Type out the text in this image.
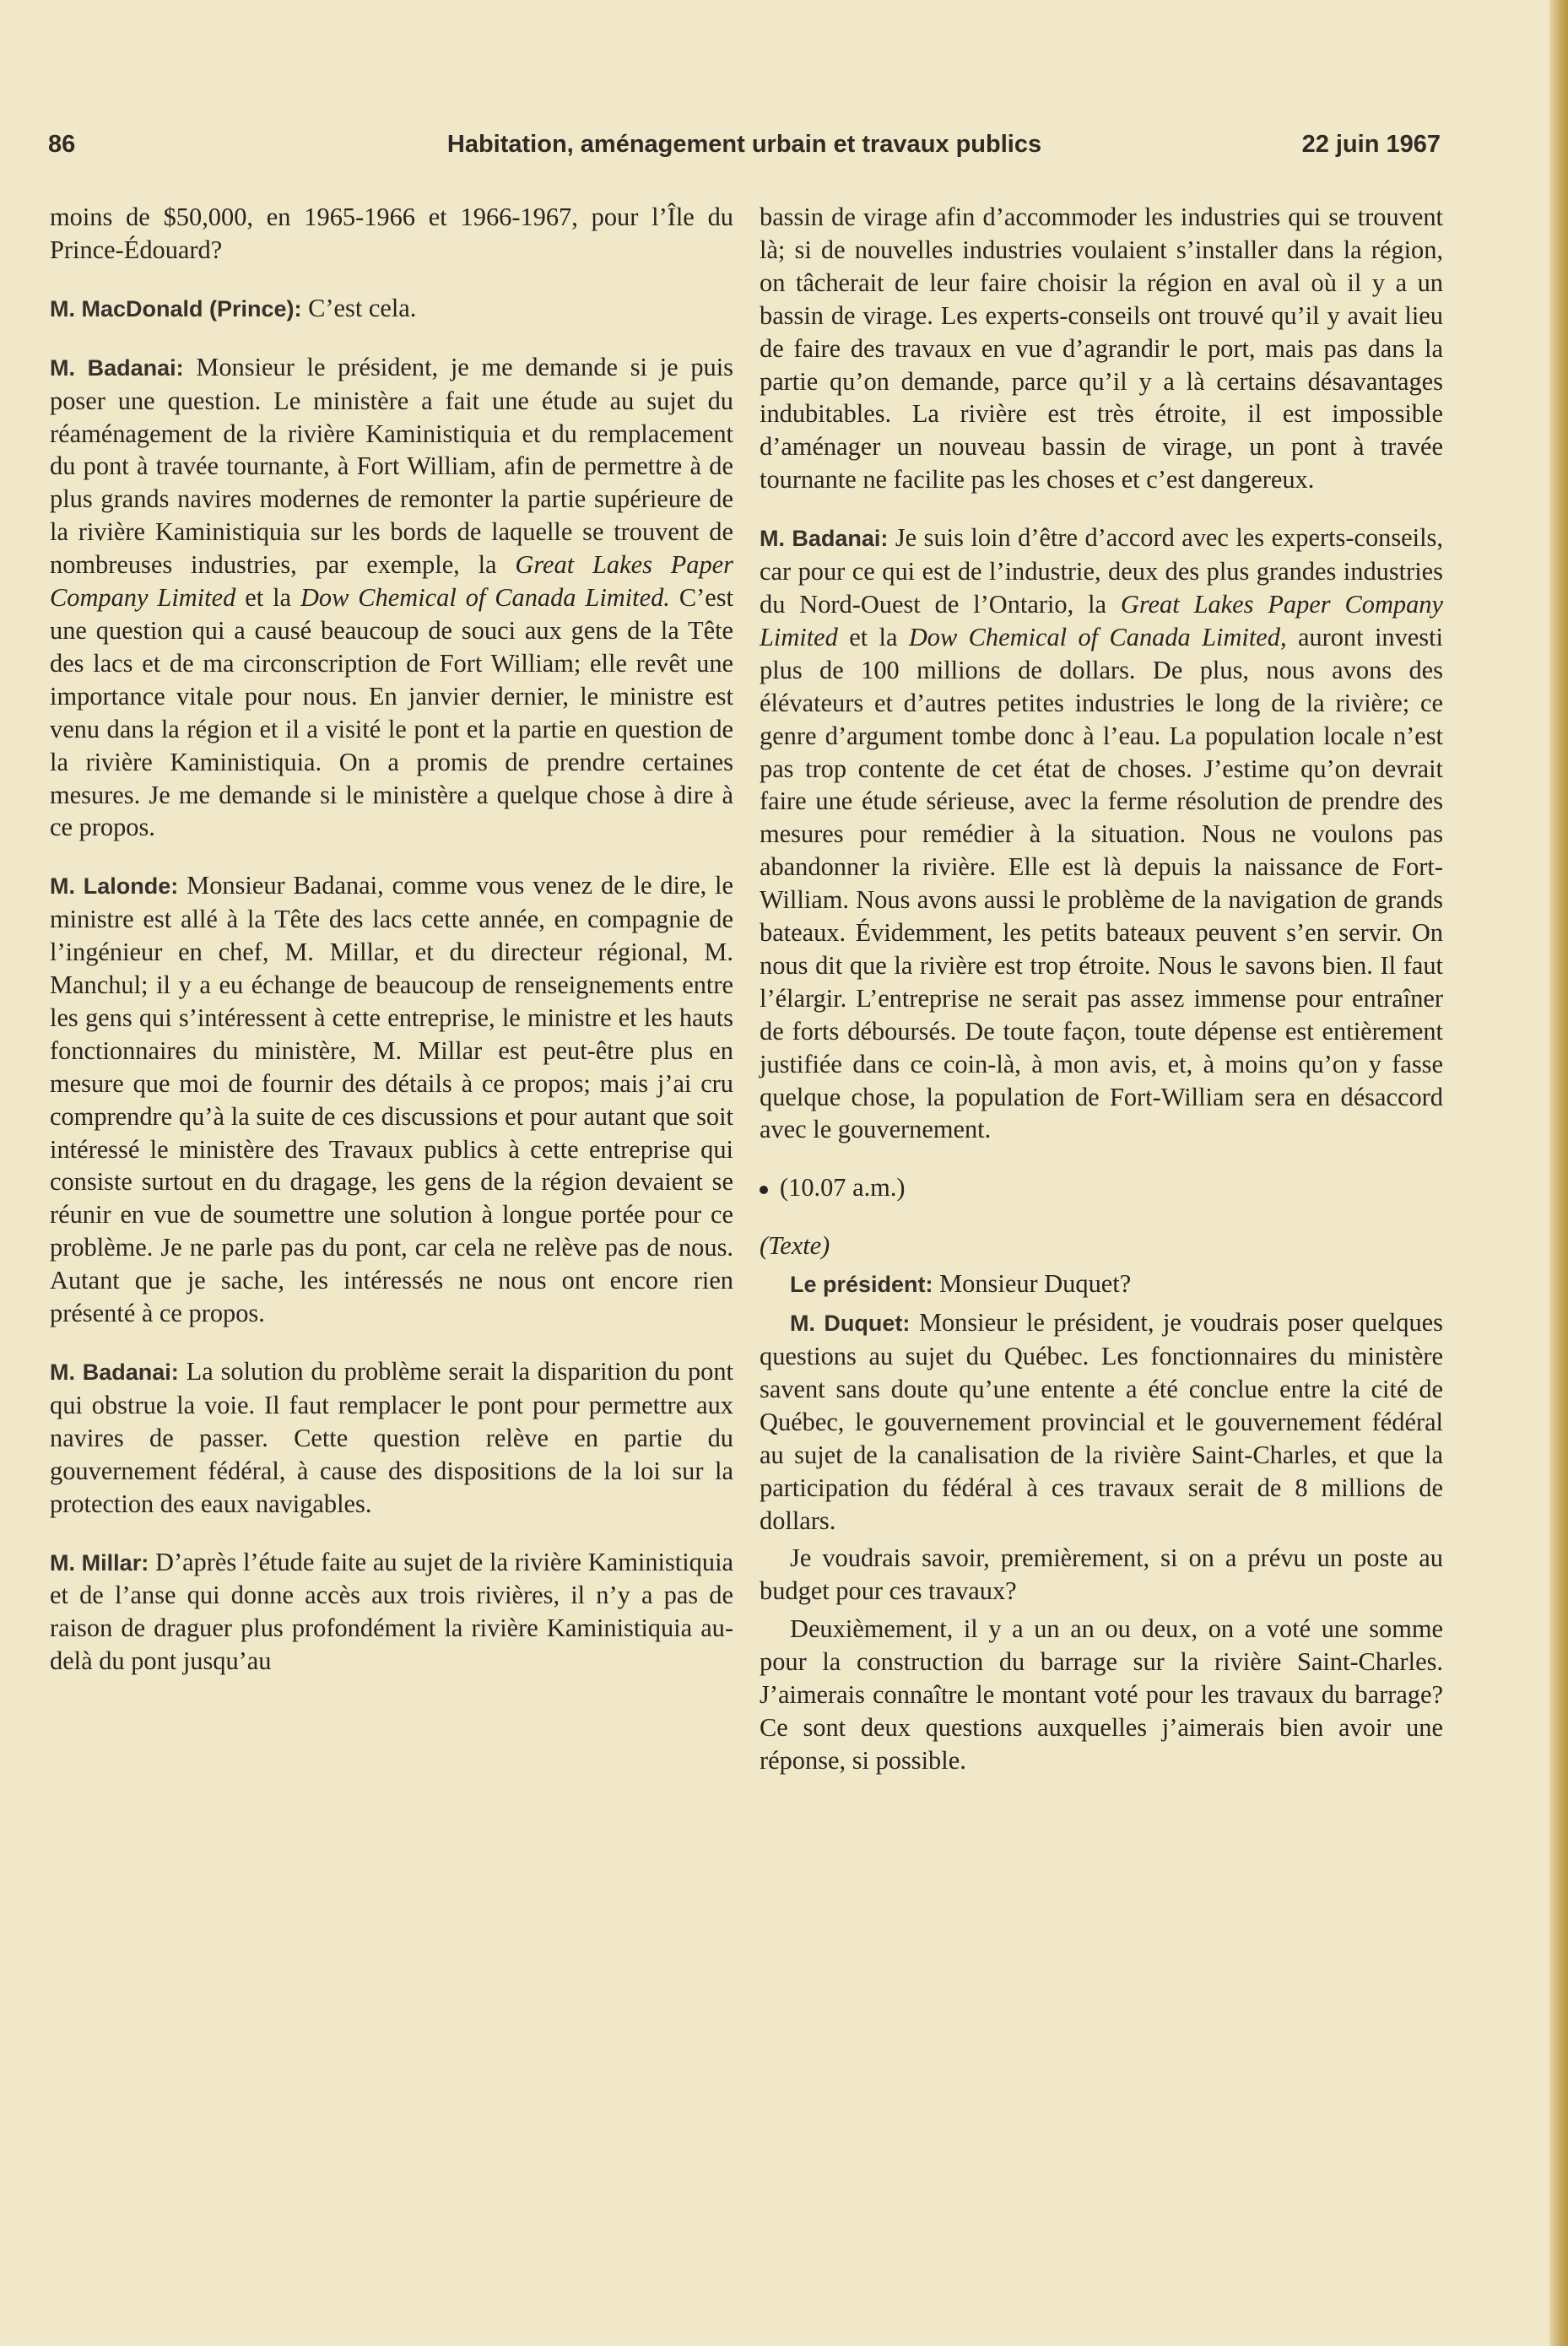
86	Habitation, aménagement urbain et travaux publics	22 juin 1967

moins de $50,000, en 1965-1966 et 1966-1967, pour l’Île du Prince-Édouard?

M. MacDonald (Prince): C’est cela.

M. Badanai: Monsieur le président, je me demande si je puis poser une question. Le ministère a fait une étude au sujet du réaménagement de la rivière Kaministiquia et du remplacement du pont à travée tournante, à Fort William, afin de permettre à de plus grands navires modernes de remonter la partie supérieure de la rivière Kaministiquia sur les bords de laquelle se trouvent de nombreuses industries, par exemple, la Great Lakes Paper Company Limited et la Dow Chemical of Canada Limited. C’est une question qui a causé beaucoup de souci aux gens de la Tête des lacs et de ma circonscription de Fort William; elle revêt une importance vitale pour nous. En janvier dernier, le ministre est venu dans la région et il a visité le pont et la partie en question de la rivière Kaministiquia. On a promis de prendre certaines mesures. Je me demande si le ministère a quelque chose à dire à ce propos.

M. Lalonde: Monsieur Badanai, comme vous venez de le dire, le ministre est allé à la Tête des lacs cette année, en compagnie de l’ingénieur en chef, M. Millar, et du directeur régional, M. Manchul; il y a eu échange de beaucoup de renseignements entre les gens qui s’intéressent à cette entreprise, le ministre et les hauts fonctionnaires du ministère, M. Millar est peut-être plus en mesure que moi de fournir des détails à ce propos; mais j’ai cru comprendre qu’à la suite de ces discussions et pour autant que soit intéressé le ministère des Travaux publics à cette entreprise qui consiste surtout en du dragage, les gens de la région devaient se réunir en vue de soumettre une solution à longue portée pour ce problème. Je ne parle pas du pont, car cela ne relève pas de nous. Autant que je sache, les intéressés ne nous ont encore rien présenté à ce propos.

M. Badanai: La solution du problème serait la disparition du pont qui obstrue la voie. Il faut remplacer le pont pour permettre aux navires de passer. Cette question relève en partie du gouvernement fédéral, à cause des dispositions de la loi sur la protection des eaux navigables.

M. Millar: D’après l’étude faite au sujet de la rivière Kaministiquia et de l’anse qui donne accès aux trois rivières, il n’y a pas de raison de draguer plus profondément la rivière Kaministiquia au-delà du pont jusqu’au

bassin de virage afin d’accommoder les industries qui se trouvent là; si de nouvelles industries voulaient s’installer dans la région, on tâcherait de leur faire choisir la région en aval où il y a un bassin de virage. Les experts-conseils ont trouvé qu’il y avait lieu de faire des travaux en vue d’agrandir le port, mais pas dans la partie qu’on demande, parce qu’il y a là certains désavantages indubitables. La rivière est très étroite, il est impossible d’aménager un nouveau bassin de virage, un pont à travée tournante ne facilite pas les choses et c’est dangereux.

M. Badanai: Je suis loin d’être d’accord avec les experts-conseils, car pour ce qui est de l’industrie, deux des plus grandes industries du Nord-Ouest de l’Ontario, la Great Lakes Paper Company Limited et la Dow Chemical of Canada Limited, auront investi plus de 100 millions de dollars. De plus, nous avons des élévateurs et d’autres petites industries le long de la rivière; ce genre d’argument tombe donc à l’eau. La population locale n’est pas trop contente de cet état de choses. J’estime qu’on devrait faire une étude sérieuse, avec la ferme résolution de prendre des mesures pour remédier à la situation. Nous ne voulons pas abandonner la rivière. Elle est là depuis la naissance de Fort-William. Nous avons aussi le problème de la navigation de grands bateaux. Évidemment, les petits bateaux peuvent s’en servir. On nous dit que la rivière est trop étroite. Nous le savons bien. Il faut l’élargir. L’entreprise ne serait pas assez immense pour entraîner de forts déboursés. De toute façon, toute dépense est entièrement justifiée dans ce coin-là, à mon avis, et, à moins qu’on y fasse quelque chose, la population de Fort-William sera en désaccord avec le gouvernement.

(10.07 a.m.)

(Texte)

Le président: Monsieur Duquet?

M. Duquet: Monsieur le président, je voudrais poser quelques questions au sujet du Québec. Les fonctionnaires du ministère savent sans doute qu’une entente a été conclue entre la cité de Québec, le gouvernement provincial et le gouvernement fédéral au sujet de la canalisation de la rivière Saint-Charles, et que la participation du fédéral à ces travaux serait de 8 millions de dollars.

Je voudrais savoir, premièrement, si on a prévu un poste au budget pour ces travaux?

Deuxièmement, il y a un an ou deux, on a voté une somme pour la construction du barrage sur la rivière Saint-Charles. J’aimerais connaître le montant voté pour les travaux du barrage? Ce sont deux questions auxquelles j’aimerais bien avoir une réponse, si possible.
